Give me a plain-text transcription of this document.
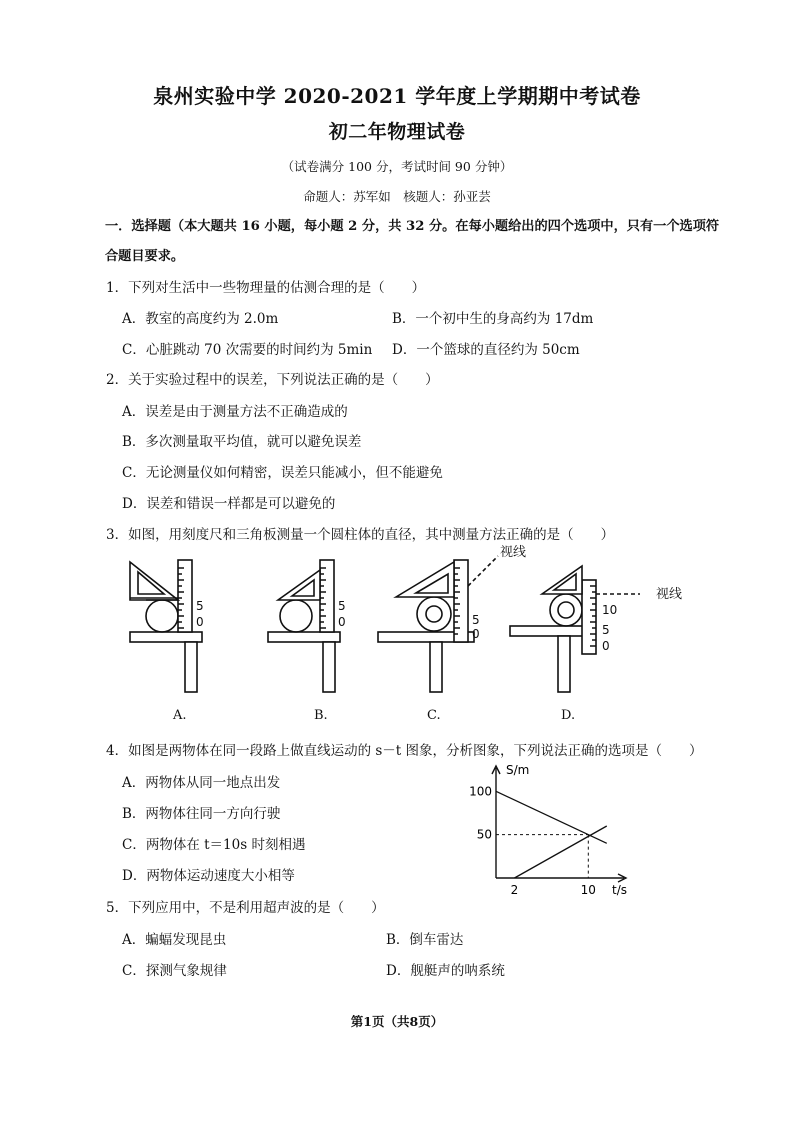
泉州实验中学 2020-2021 学年度上学期期中考试卷
初二年物理试卷
（试卷满分 100 分，考试时间 90 分钟）
命题人：苏军如　核题人：孙亚芸
一．选择题（本大题共 16 小题，每小题 2 分，共 32 分。在每小题给出的四个选项中，只有一个选项符
合题目要求。
1．下列对生活中一些物理量的估测合理的是（　　）
A．教室的高度约为 2.0m	B．一个初中生的身高约为 17dm
C．心脏跳动 70 次需要的时间约为 5min D．一个篮球的直径约为 50cm
2．关于实验过程中的误差，下列说法正确的是（　　）
A．误差是由于测量方法不正确造成的
B．多次测量取平均值，就可以避免误差
C．无论测量仪如何精密，误差只能减小，但不能避免
D．误差和错误一样都是可以避免的
3．如图，用刻度尺和三角板测量一个圆柱体的直径，其中测量方法正确的是（　　）
5
0
5
0	5
0
视线
10
5
0
视线
A.	B.	C.	D.
4．如图是两物体在同一段路上做直线运动的 s－t 图象，分析图象，下列说法正确的选项是（　　）
A．两物体从同一地点出发
B．两物体往同一方向行驶
C．两物体在 t＝10s 时刻相遇
D．两物体运动速度大小相等
S/m
t/s
100
50
2	10
5．下列应用中，不是利用超声波的是（　　）
A．蝙蝠发现昆虫	B．倒车雷达
C．探测气象规律	D．舰艇声的呐系统
第1页（共8页）
